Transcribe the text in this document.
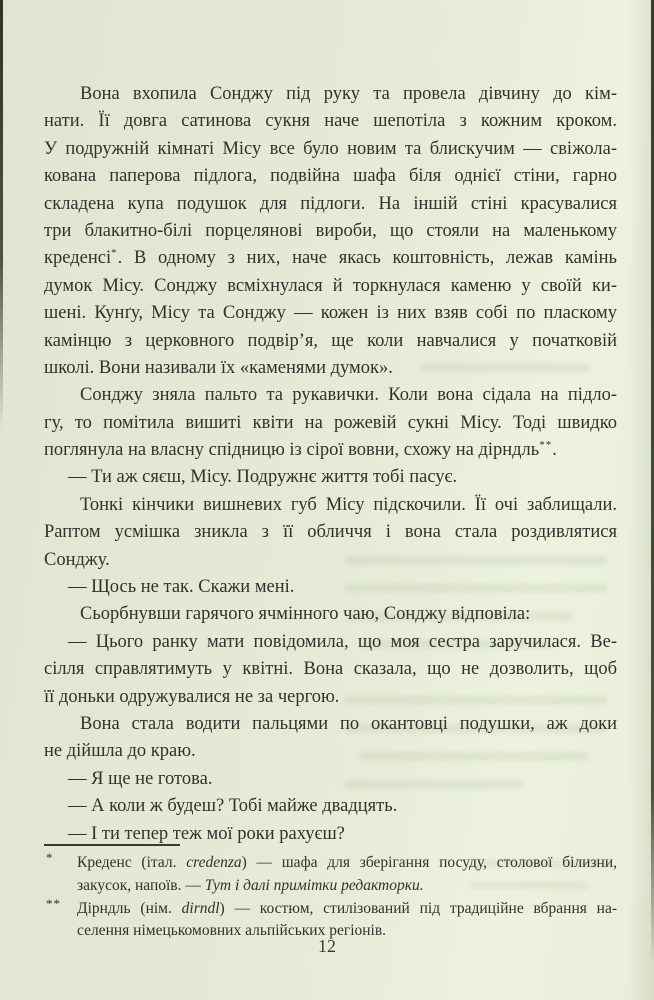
Вона вхопила Сонджу під руку та провела дівчину до кім-
нати. Її довга сатинова сукня наче шепотіла з кожним кроком.
У подружній кімнаті Місу все було новим та блискучим — свіжола-
кована паперова підлога, подвійна шафа біля однієї стіни, гарно
складена купа подушок для підлоги. На іншій стіні красувалися
три блакитно-білі порцелянові вироби, що стояли на маленькому
креденсі*. В одному з них, наче якась коштовність, лежав камінь
думок Місу. Сонджу всміхнулася й торкнулася каменю у своїй ки-
шені. Кунґу, Місу та Сонджу — кожен із них взяв собі по пласкому
камінцю з церковного подвір’я, ще коли навчалися у початковій
школі. Вони називали їх «каменями думок».
Сонджу зняла пальто та рукавички. Коли вона сідала на підло-
гу, то помітила вишиті квіти на рожевій сукні Місу. Тоді швидко
поглянула на власну спідницю із сірої вовни, схожу на дірндль**.
— Ти аж сяєш, Місу. Подружнє життя тобі пасує.
Тонкі кінчики вишневих губ Місу підскочили. Її очі заблищали.
Раптом усмішка зникла з її обличчя і вона стала роздивлятися
Сонджу.
— Щось не так. Скажи мені.
Сьорбнувши гарячого ячмінного чаю, Сонджу відповіла:
— Цього ранку мати повідомила, що моя сестра заручилася. Ве-
сілля справлятимуть у квітні. Вона сказала, що не дозволить, щоб
її доньки одружувалися не за чергою.
Вона стала водити пальцями по окантовці подушки, аж доки
не дійшла до краю.
— Я ще не готова.
— А коли ж будеш? Тобі майже двадцять.
— І ти тепер теж мої роки рахуєш?
* Креденс (італ. credenza) — шафа для зберігання посуду, столової білизни,
закусок, напоїв. — Тут і далі примітки редакторки.
** Дірндль (нім. dirndl) — костюм, стилізований під традиційне вбрання на-
селення німецькомовних альпійських регіонів.
12
